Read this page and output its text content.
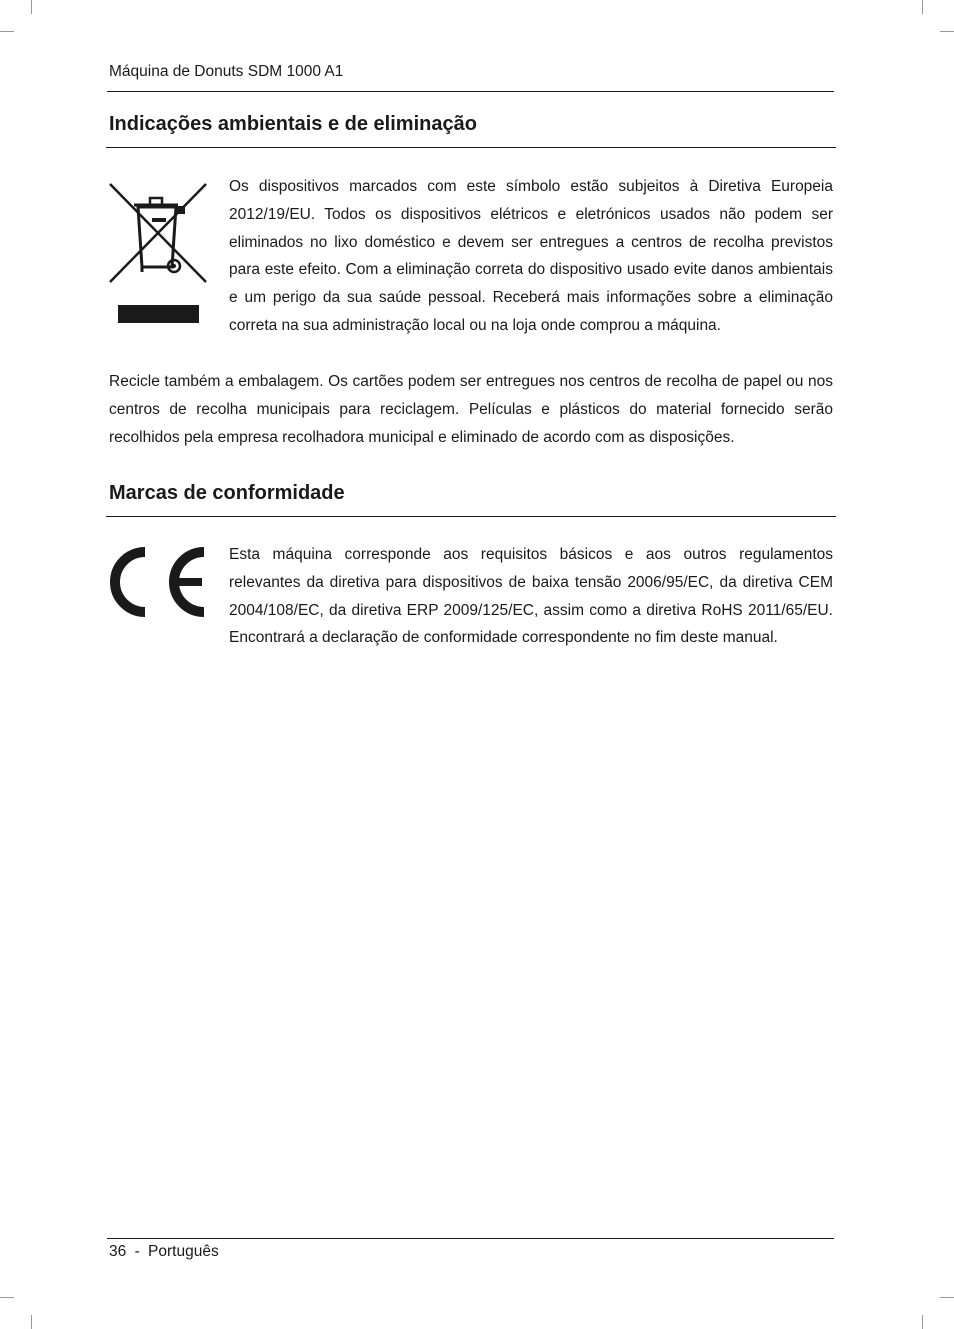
Máquina de Donuts SDM 1000 A1
Indicações ambientais e de eliminação

Os dispositivos marcados com este símbolo estão subjeitos à Diretiva Europeia 2012/19/EU. Todos os dispositivos elétricos e eletrónicos usados não podem ser eliminados no lixo doméstico e devem ser entregues a centros de recolha previstos para este efeito. Com a eliminação correta do dispositivo usado evite danos ambientais e um perigo da sua saúde pessoal. Receberá mais informações sobre a eliminação correta na sua administração local ou na loja onde comprou a máquina.

Recicle também a embalagem. Os cartões podem ser entregues nos centros de recolha de papel ou nos centros de recolha municipais para reciclagem. Películas e plásticos do material fornecido serão recolhidos pela empresa recolhadora municipal e eliminado de acordo com as disposições.

Marcas de conformidade

Esta máquina corresponde aos requisitos básicos e aos outros regulamentos relevantes da diretiva para dispositivos de baixa tensão 2006/95/EC, da diretiva CEM 2004/108/EC, da diretiva ERP 2009/125/EC, assim como a diretiva RoHS 2011/65/EU. Encontrará a declaração de conformidade correspondente no fim deste manual.

36 - Português
